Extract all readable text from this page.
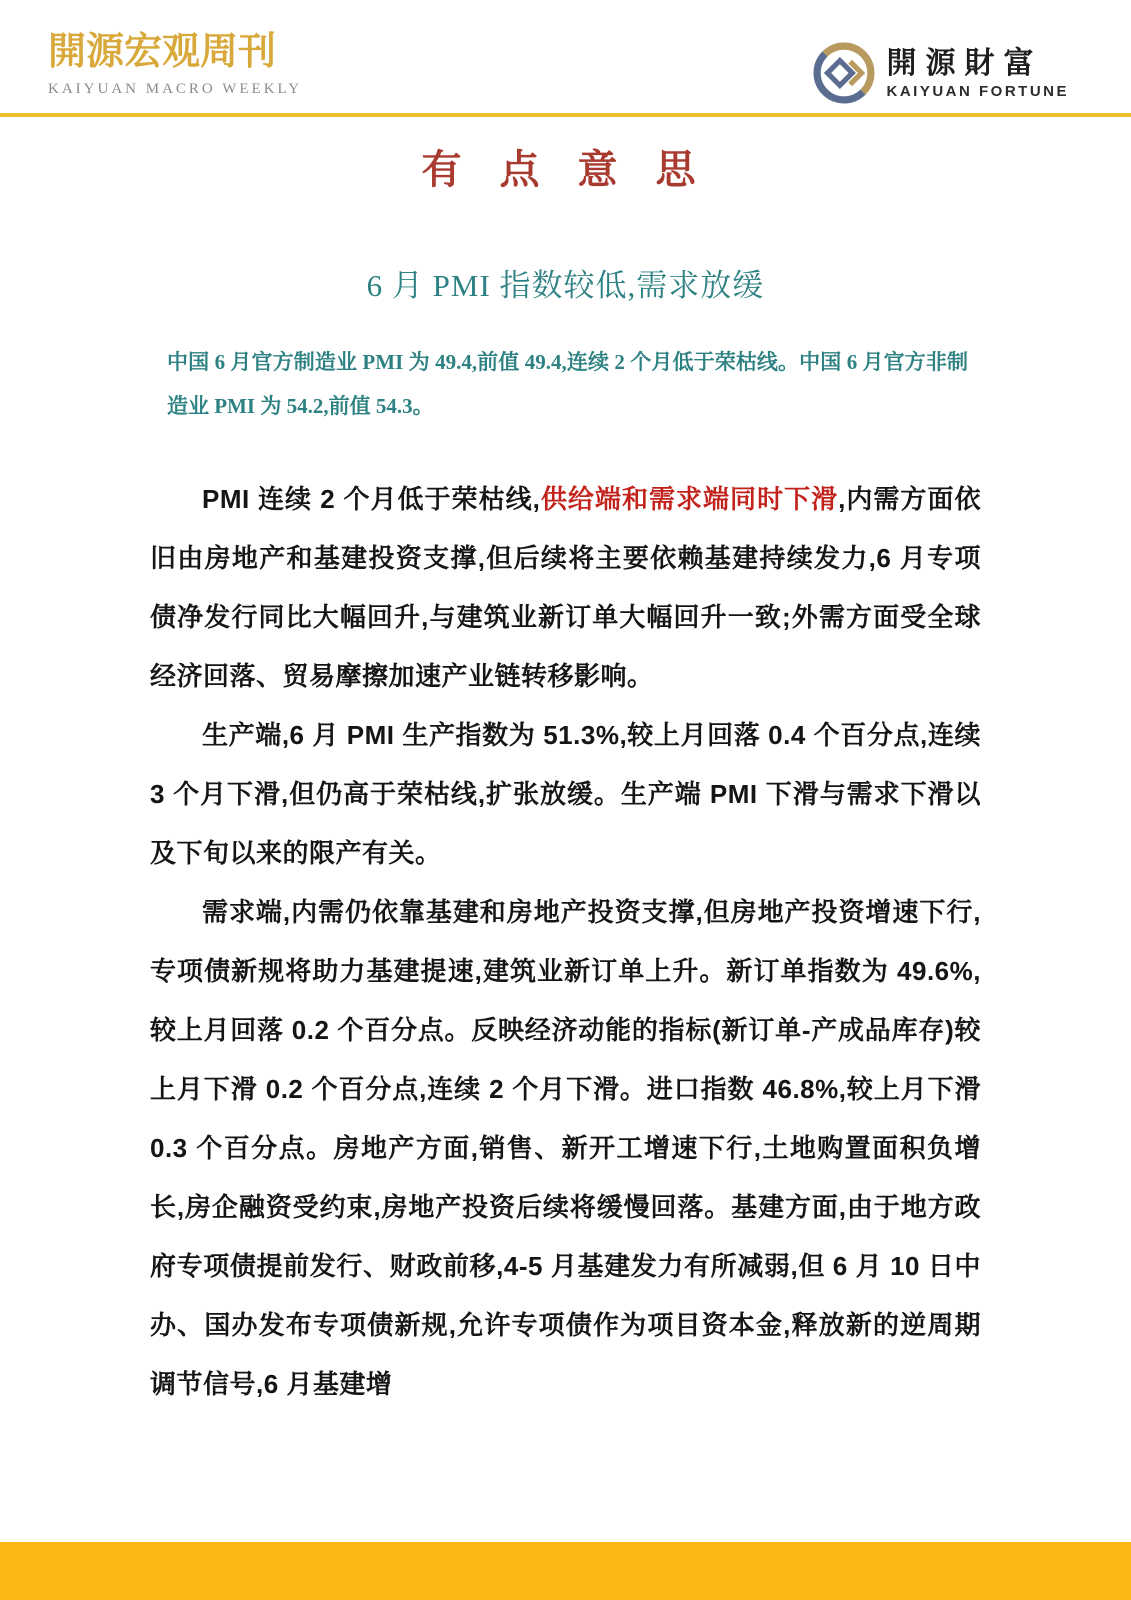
開源宏观周刊
KAIYUAN MACRO WEEKLY
開源財富
KAIYUAN FORTUNE
有 点 意 思
6 月 PMI 指数较低,需求放缓

中国 6 月官方制造业 PMI 为 49.4,前值 49.4,连续 2 个月低于荣枯线。中国 6 月官方非制造业 PMI 为 54.2,前值 54.3。

PMI 连续 2 个月低于荣枯线,供给端和需求端同时下滑,内需方面依旧由房地产和基建投资支撑,但后续将主要依赖基建持续发力,6 月专项债净发行同比大幅回升,与建筑业新订单大幅回升一致;外需方面受全球经济回落、贸易摩擦加速产业链转移影响。

生产端,6 月 PMI 生产指数为 51.3%,较上月回落 0.4 个百分点,连续 3 个月下滑,但仍高于荣枯线,扩张放缓。生产端 PMI 下滑与需求下滑以及下旬以来的限产有关。

需求端,内需仍依靠基建和房地产投资支撑,但房地产投资增速下行,专项债新规将助力基建提速,建筑业新订单上升。新订单指数为 49.6%,较上月回落 0.2 个百分点。反映经济动能的指标(新订单-产成品库存)较上月下滑 0.2 个百分点,连续 2 个月下滑。进口指数 46.8%,较上月下滑 0.3 个百分点。房地产方面,销售、新开工增速下行,土地购置面积负增长,房企融资受约束,房地产投资后续将缓慢回落。基建方面,由于地方政府专项债提前发行、财政前移,4-5 月基建发力有所减弱,但 6 月 10 日中办、国办发布专项债新规,允许专项债作为项目资本金,释放新的逆周期调节信号,6 月基建增
